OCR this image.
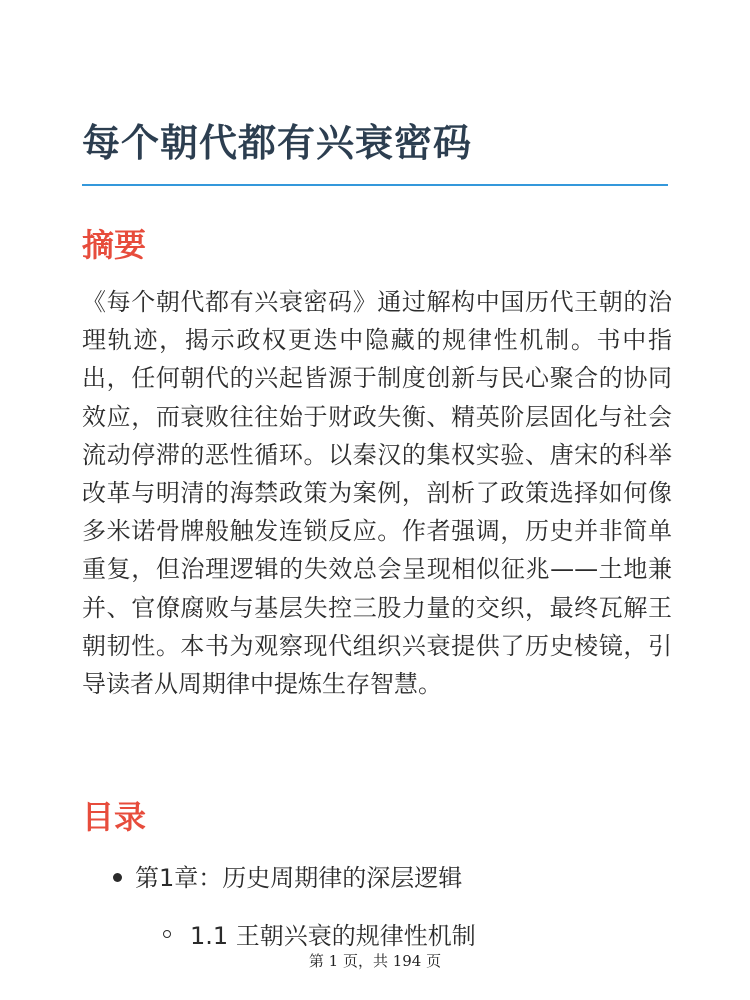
每个朝代都有兴衰密码
摘要

《每个朝代都有兴衰密码》通过解构中国历代王朝的治理轨迹，揭示政权更迭中隐藏的规律性机制。书中指出，任何朝代的兴起皆源于制度创新与民心聚合的协同效应，而衰败往往始于财政失衡、精英阶层固化与社会流动停滞的恶性循环。以秦汉的集权实验、唐宋的科举改革与明清的海禁政策为案例，剖析了政策选择如何像多米诺骨牌般触发连锁反应。作者强调，历史并非简单重复，但治理逻辑的失效总会呈现相似征兆——土地兼并、官僚腐败与基层失控三股力量的交织，最终瓦解王朝韧性。本书为观察现代组织兴衰提供了历史棱镜，引导读者从周期律中提炼生存智慧。

目录
第1章：历史周期律的深层逻辑
1.1 王朝兴衰的规律性机制
第 1 页，共 194 页
